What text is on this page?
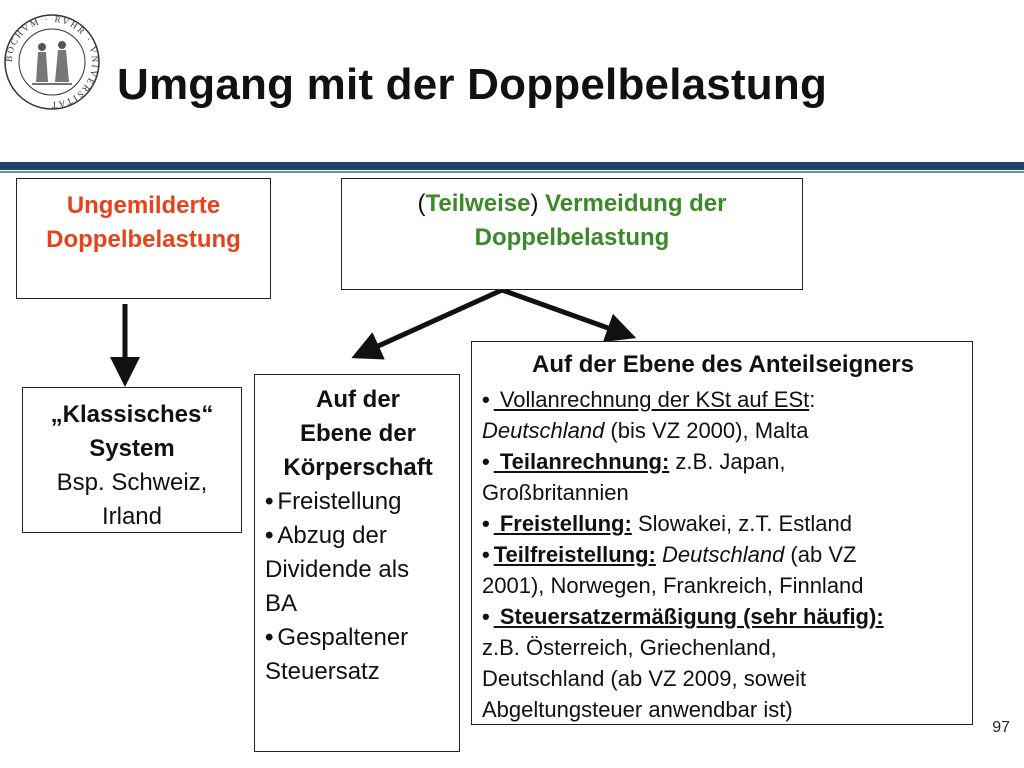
BOCHVM · RVHR · VNIVERSITAT	Umgang mit der Doppelbelastung
Ungemilderte
Doppelbelastung
(Teilweise) Vermeidung der
Doppelbelastung
„Klassisches“
System
Bsp. Schweiz,
Irland
Auf der
Ebene der
Körperschaft
• Freistellung
• Abzug der
Dividende als
BA
• Gespaltener
Steuersatz
Auf der Ebene des Anteilseigners
• Vollanrechnung der KSt auf ESt:
Deutschland (bis VZ 2000), Malta
• Teilanrechnung: z.B. Japan,
Großbritannien
• Freistellung: Slowakei, z.T. Estland
• Teilfreistellung: Deutschland (ab VZ
2001), Norwegen, Frankreich, Finnland
• Steuersatzermäßigung (sehr häufig):
z.B. Österreich, Griechenland,
Deutschland (ab VZ 2009, soweit
Abgeltungsteuer anwendbar ist)
97
